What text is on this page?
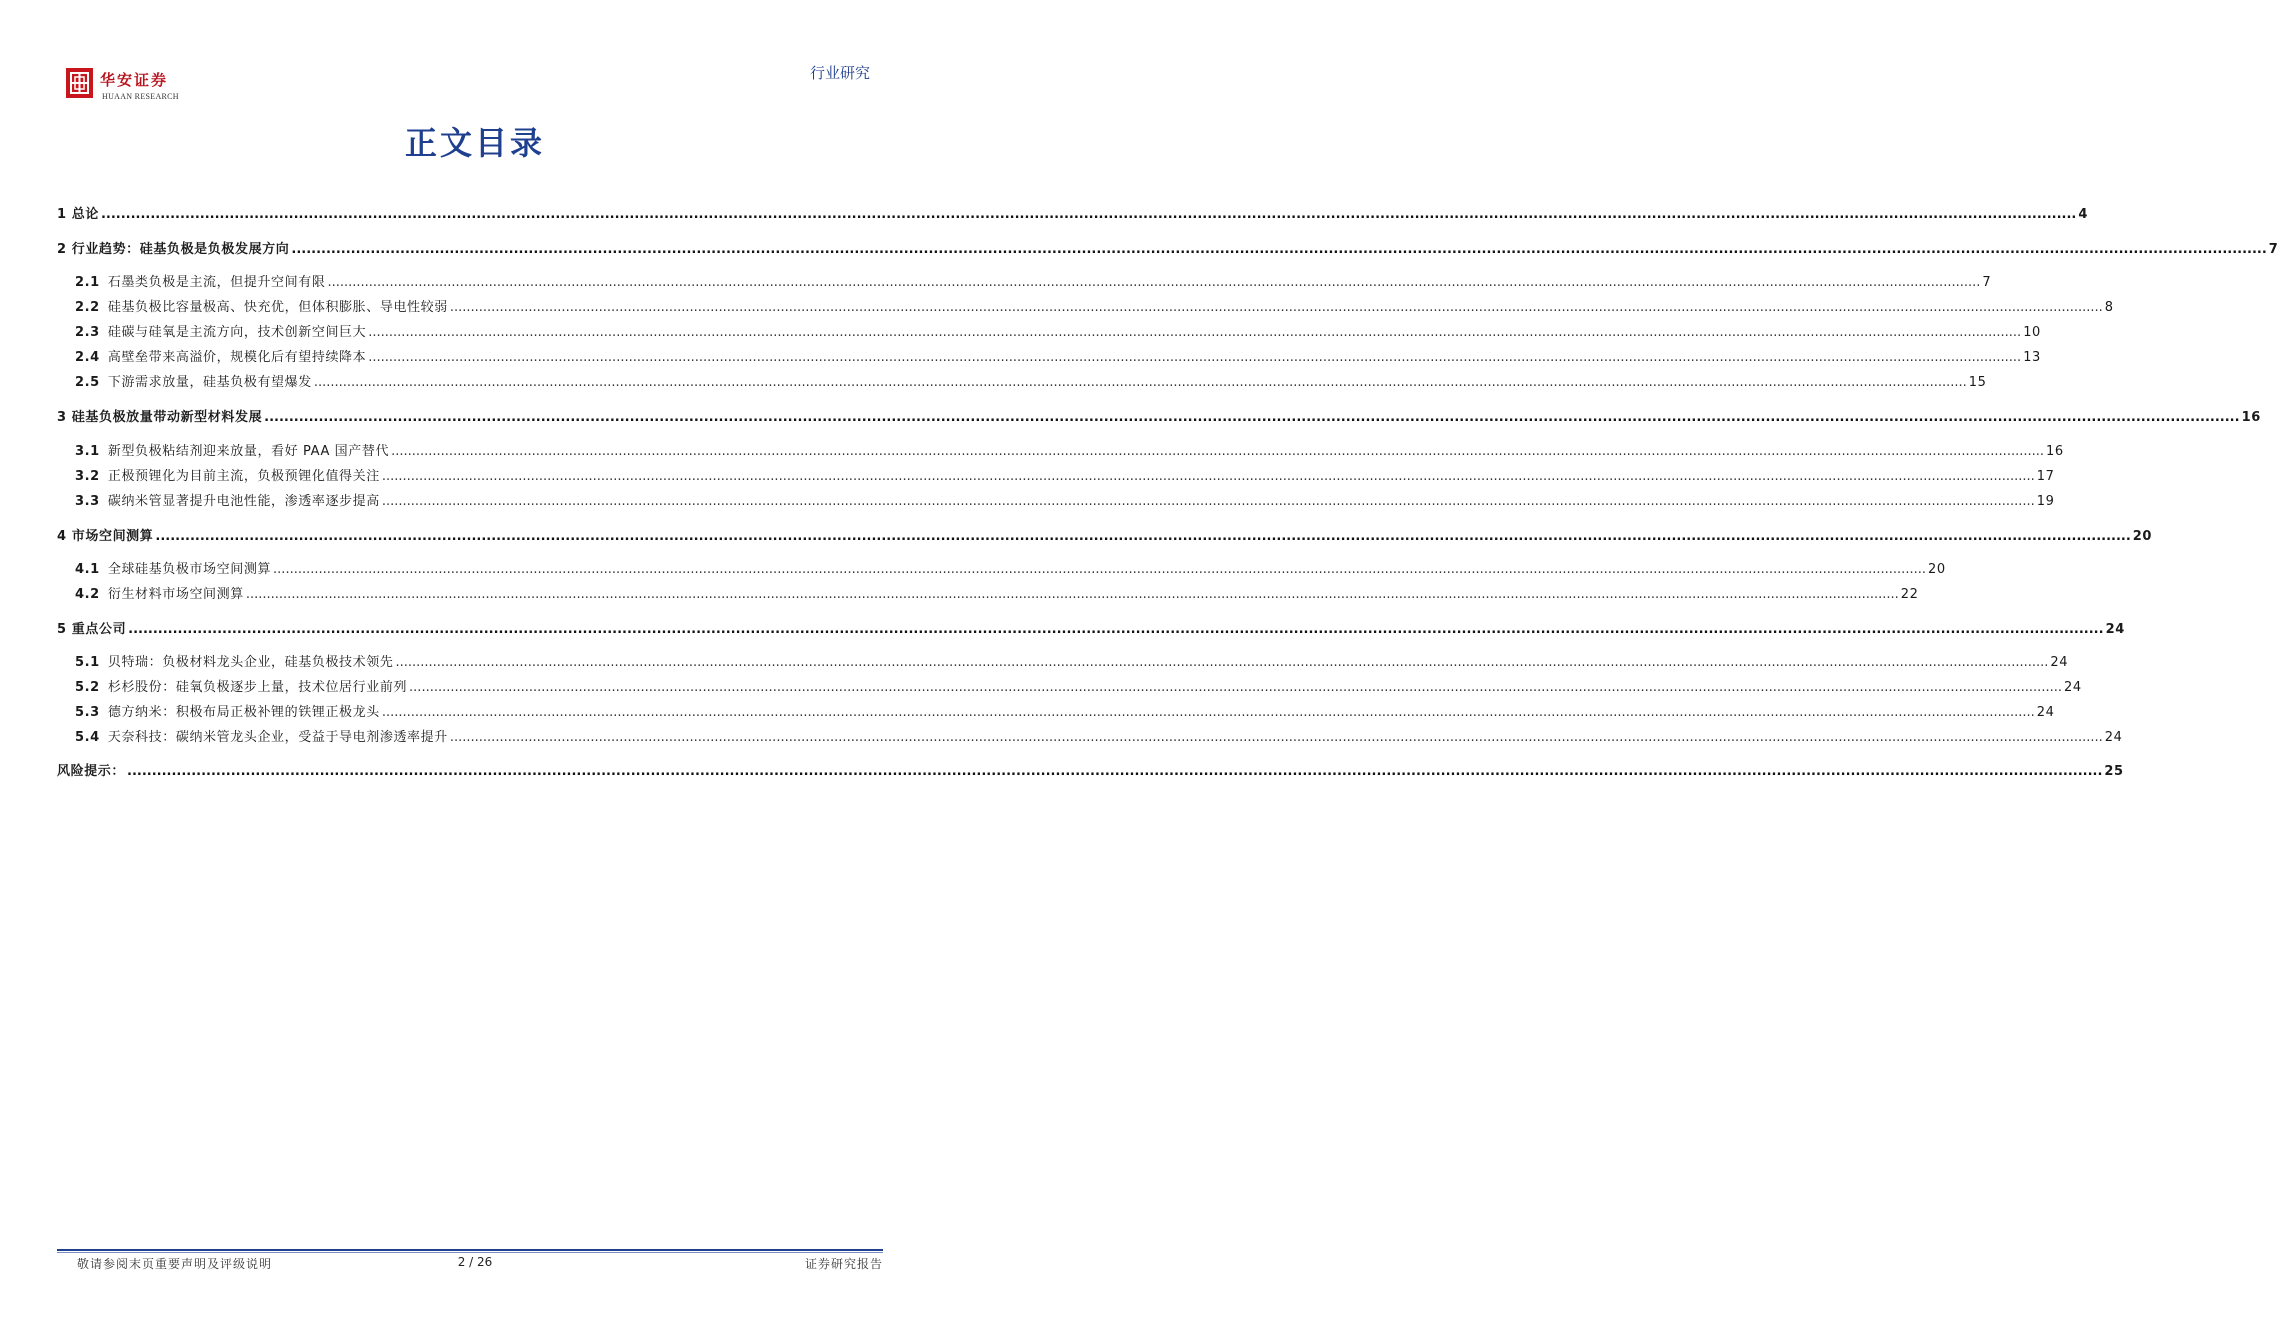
华安证券
HUAAN RESEARCH
行业研究
正文目录
1 总论 ................................................................................................................................................................................................................................................................................................................................................................................................................ 4
2 行业趋势：硅基负极是负极发展方向 ................................................................................................................................................................................................................................................................................................................................................................................................................ 7
2.1 石墨类负极是主流，但提升空间有限 ................................................................................................................................................................................................................................................................................................................................................................................................................ 7
2.2 硅基负极比容量极高、快充优，但体积膨胀、导电性较弱 ................................................................................................................................................................................................................................................................................................................................................................................................................ 8
2.3 硅碳与硅氧是主流方向，技术创新空间巨大 ................................................................................................................................................................................................................................................................................................................................................................................................................ 10
2.4 高壁垒带来高溢价，规模化后有望持续降本 ................................................................................................................................................................................................................................................................................................................................................................................................................ 13
2.5 下游需求放量，硅基负极有望爆发 ................................................................................................................................................................................................................................................................................................................................................................................................................ 15
3 硅基负极放量带动新型材料发展 ................................................................................................................................................................................................................................................................................................................................................................................................................ 16
3.1 新型负极粘结剂迎来放量，看好 PAA 国产替代 ................................................................................................................................................................................................................................................................................................................................................................................................................ 16
3.2 正极预锂化为目前主流，负极预锂化值得关注 ................................................................................................................................................................................................................................................................................................................................................................................................................ 17
3.3 碳纳米管显著提升电池性能，渗透率逐步提高 ................................................................................................................................................................................................................................................................................................................................................................................................................ 19
4 市场空间测算 ................................................................................................................................................................................................................................................................................................................................................................................................................ 20
4.1 全球硅基负极市场空间测算 ................................................................................................................................................................................................................................................................................................................................................................................................................ 20
4.2 衍生材料市场空间测算 ................................................................................................................................................................................................................................................................................................................................................................................................................ 22
5 重点公司 ................................................................................................................................................................................................................................................................................................................................................................................................................ 24
5.1 贝特瑞：负极材料龙头企业，硅基负极技术领先 ................................................................................................................................................................................................................................................................................................................................................................................................................ 24
5.2 杉杉股份：硅氧负极逐步上量，技术位居行业前列 ................................................................................................................................................................................................................................................................................................................................................................................................................ 24
5.3 德方纳米：积极布局正极补锂的铁锂正极龙头 ................................................................................................................................................................................................................................................................................................................................................................................................................ 24
5.4 天奈科技：碳纳米管龙头企业，受益于导电剂渗透率提升 ................................................................................................................................................................................................................................................................................................................................................................................................................ 24
风险提示： ................................................................................................................................................................................................................................................................................................................................................................................................................ 25
敬请参阅末页重要声明及评级说明	2 / 26	证券研究报告
